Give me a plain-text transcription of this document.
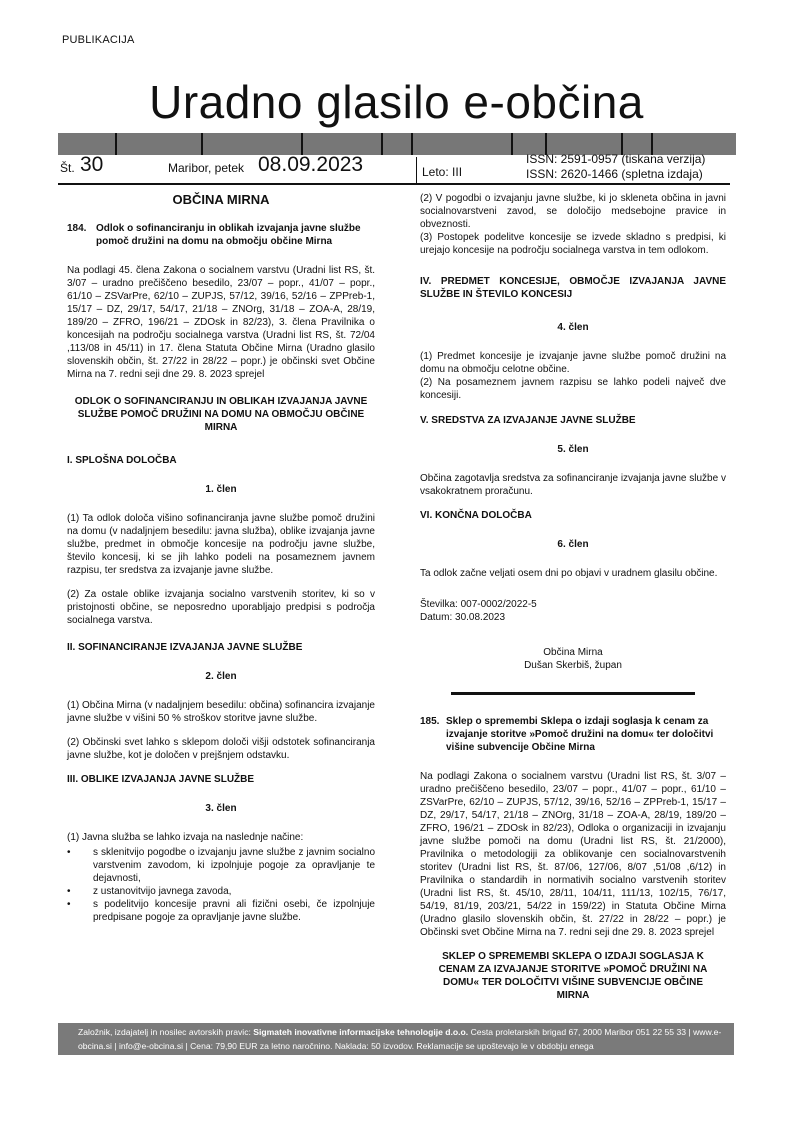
PUBLIKACIJA
Uradno glasilo e-občina
Št. 30	Maribor, petek 08.09.2023	Leto: III
ISSN: 2591-0957 (tiskana verzija)
ISSN: 2620-1466 (spletna izdaja)
OBČINA MIRNA
184. Odlok o sofinanciranju in oblikah izvajanja javne službe pomoč družini na domu na območju občine Mirna
Na podlagi 45. člena Zakona o socialnem varstvu (Uradni list RS, št. 3/07 – uradno prečiščeno besedilo, 23/07 – popr., 41/07 – popr., 61/10 – ZSVarPre, 62/10 – ZUPJS, 57/12, 39/16, 52/16 – ZPPreb-1, 15/17 – DZ, 29/17, 54/17, 21/18 – ZNOrg, 31/18 – ZOA-A, 28/19, 189/20 – ZFRO, 196/21 – ZDOsk in 82/23), 3. člena Pravilnika o koncesijah na področju socialnega varstva (Uradni list RS, št. 72/04 ,113/08 in 45/11) in 17. člena Statuta Občine Mirna (Uradno glasilo slovenskih občin, št. 27/22 in 28/22 – popr.) je občinski svet Občine Mirna na 7. redni seji dne 29. 8. 2023 sprejel
ODLOK O SOFINANCIRANJU IN OBLIKAH IZVAJANJA JAVNE SLUŽBE POMOČ DRUŽINI NA DOMU NA OBMOČJU OBČINE MIRNA
I. SPLOŠNA DOLOČBA
1. člen
(1) Ta odlok določa višino sofinanciranja javne službe pomoč družini na domu (v nadaljnjem besedilu: javna služba), oblike izvajanja javne službe, predmet in območje koncesije na področju javne službe, število koncesij, ki se jih lahko podeli na posameznem javnem razpisu, ter sredstva za izvajanje javne službe.
(2) Za ostale oblike izvajanja socialno varstvenih storitev, ki so v pristojnosti občine, se neposredno uporabljajo predpisi s področja socialnega varstva.
II. SOFINANCIRANJE IZVAJANJA JAVNE SLUŽBE
2. člen
(1) Občina Mirna (v nadaljnjem besedilu: občina) sofinancira izvajanje javne službe v višini 50 % stroškov storitve javne službe.
(2) Občinski svet lahko s sklepom določi višji odstotek sofinanciranja javne službe, kot je določen v prejšnjem odstavku.
III. OBLIKE IZVAJANJA JAVNE SLUŽBE
3. člen
(1) Javna služba se lahko izvaja na naslednje načine:
• s sklenitvijo pogodbe o izvajanju javne službe z javnim socialno varstvenim zavodom, ki izpolnjuje pogoje za opravljanje te dejavnosti,
• z ustanovitvijo javnega zavoda,
• s podelitvijo koncesije pravni ali fizični osebi, če izpolnjuje predpisane pogoje za opravljanje javne službe.
(2) V pogodbi o izvajanju javne službe, ki jo skleneta občina in javni socialnovarstveni zavod, se določijo medsebojne pravice in obveznosti.
(3) Postopek podelitve koncesije se izvede skladno s predpisi, ki urejajo koncesije na področju socialnega varstva in tem odlokom.
IV. PREDMET KONCESIJE, OBMOČJE IZVAJANJA JAVNE SLUŽBE IN ŠTEVILO KONCESIJ
4. člen
(1) Predmet koncesije je izvajanje javne službe pomoč družini na domu na območju celotne občine.
(2) Na posameznem javnem razpisu se lahko podeli največ dve koncesiji.
V. SREDSTVA ZA IZVAJANJE JAVNE SLUŽBE
5. člen
Občina zagotavlja sredstva za sofinanciranje izvajanja javne službe v vsakokratnem proračunu.
VI. KONČNA DOLOČBA
6. člen
Ta odlok začne veljati osem dni po objavi v uradnem glasilu občine.
Številka: 007-0002/2022-5
Datum: 30.08.2023
Občina Mirna
Dušan Skerbiš, župan
185. Sklep o spremembi Sklepa o izdaji soglasja k cenam za izvajanje storitve »Pomoč družini na domu« ter določitvi višine subvencije Občine Mirna
Na podlagi Zakona o socialnem varstvu (Uradni list RS, št. 3/07 – uradno prečiščeno besedilo, 23/07 – popr., 41/07 – popr., 61/10 – ZSVarPre, 62/10 – ZUPJS, 57/12, 39/16, 52/16 – ZPPreb-1, 15/17 – DZ, 29/17, 54/17, 21/18 – ZNOrg, 31/18 – ZOA-A, 28/19, 189/20 – ZFRO, 196/21 – ZDOsk in 82/23), Odloka o organizaciji in izvajanju javne službe pomoči na domu (Uradni list RS, št. 21/2000), Pravilnika o metodologiji za oblikovanje cen socialnovarstvenih storitev (Uradni list RS, št. 87/06, 127/06, 8/07 ,51/08 ,6/12) in Pravilnika o standardih in normativih socialno varstvenih storitev (Uradni list RS, št. 45/10, 28/11, 104/11, 111/13, 102/15, 76/17, 54/19, 81/19, 203/21, 54/22 in 159/22) in Statuta Občine Mirna (Uradno glasilo slovenskih občin, št. 27/22 in 28/22 – popr.) je Občinski svet Občine Mirna na 7. redni seji dne 29. 8. 2023 sprejel
SKLEP O SPREMEMBI SKLEPA O IZDAJI SOGLASJA K CENAM ZA IZVAJANJE STORITVE »POMOČ DRUŽINI NA DOMU« TER DOLOČITVI VIŠINE SUBVENCIJE OBČINE MIRNA
Založnik, izdajatelj in nosilec avtorskih pravic: Sigmateh inovativne informacijske tehnologije d.o.o. Cesta proletarskih brigad 67, 2000 Maribor 051 22 55 33 | www.e-obcina.si | info@e-obcina.si | Cena: 79,90 EUR za letno naročnino. Naklada: 50 izvodov. Reklamacije se upoštevajo le v obdobju enega
